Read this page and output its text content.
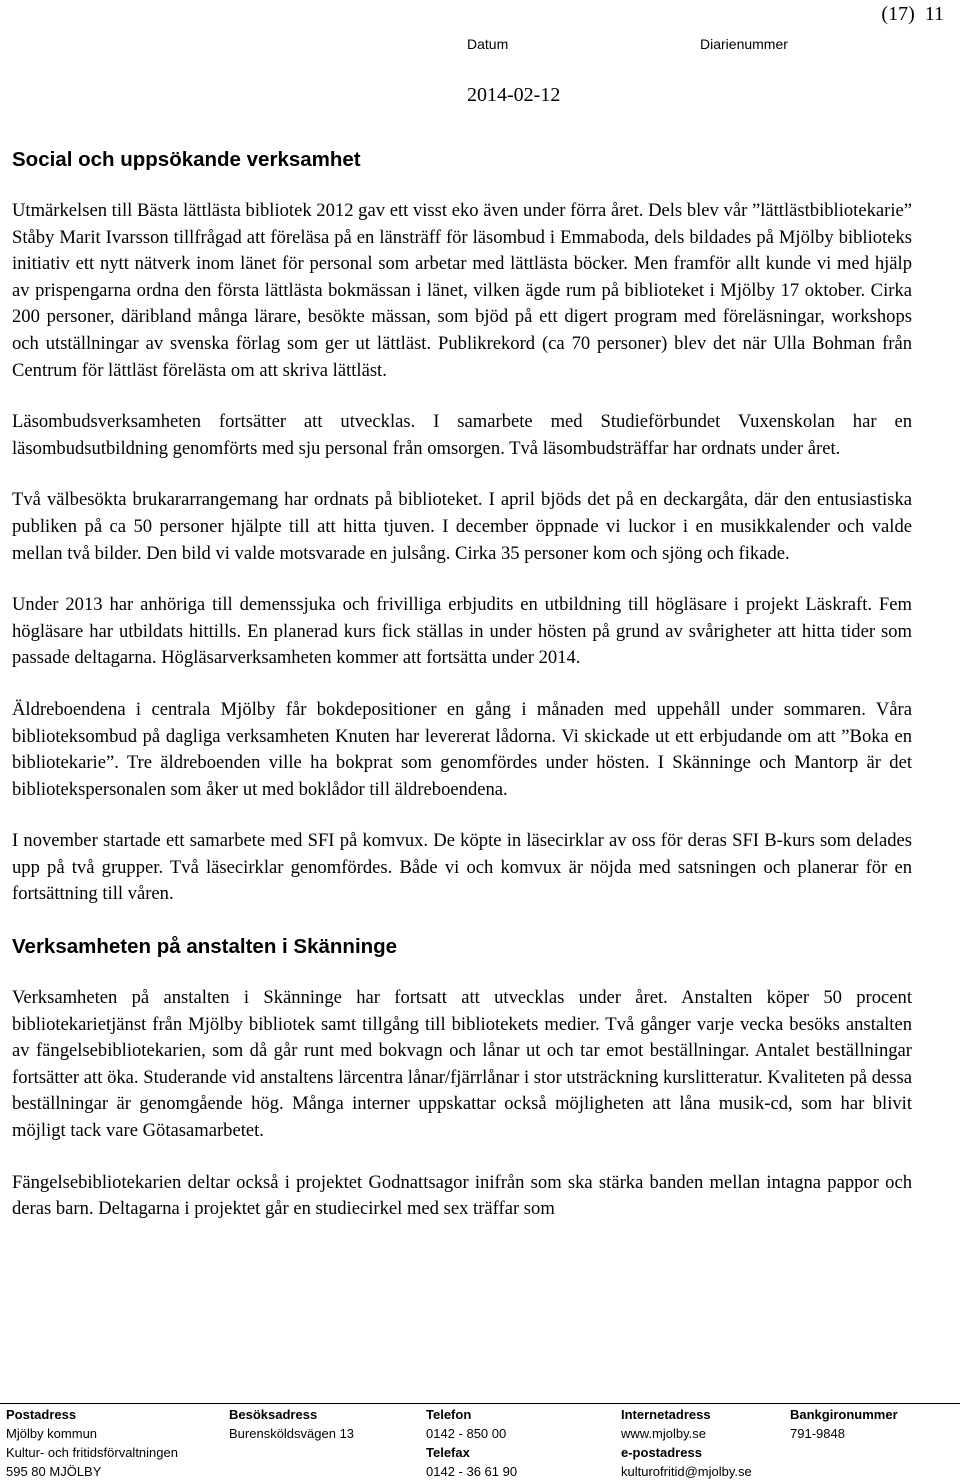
(17) 11
Datum
2014-02-12
Diarienummer
Social och uppsökande verksamhet

Utmärkelsen till Bästa lättlästa bibliotek 2012 gav ett visst eko även under förra året. Dels blev vår ”lättlästbibliotekarie” Ståby Marit Ivarsson tillfrågad att föreläsa på en länsträff för läsombud i Emmaboda, dels bildades på Mjölby biblioteks initiativ ett nytt nätverk inom länet för personal som arbetar med lättlästa böcker. Men framför allt kunde vi med hjälp av prispengarna ordna den första lättlästa bokmässan i länet, vilken ägde rum på biblioteket i Mjölby 17 oktober. Cirka 200 personer, däribland många lärare, besökte mässan, som bjöd på ett digert program med föreläsningar, workshops och utställningar av svenska förlag som ger ut lättläst. Publikrekord (ca 70 personer) blev det när Ulla Bohman från Centrum för lättläst förelästa om att skriva lättläst.

Läsombudsverksamheten fortsätter att utvecklas. I samarbete med Studieförbundet Vuxenskolan har en läsombudsutbildning genomförts med sju personal från omsorgen. Två läsombudsträffar har ordnats under året.

Två välbesökta brukararrangemang har ordnats på biblioteket. I april bjöds det på en deckargåta, där den entusiastiska publiken på ca 50 personer hjälpte till att hitta tjuven. I december öppnade vi luckor i en musikkalender och valde mellan två bilder. Den bild vi valde motsvarade en julsång. Cirka 35 personer kom och sjöng och fikade.

Under 2013 har anhöriga till demenssjuka och frivilliga erbjudits en utbildning till högläsare i projekt Läskraft. Fem högläsare har utbildats hittills. En planerad kurs fick ställas in under hösten på grund av svårigheter att hitta tider som passade deltagarna. Högläsarverksamheten kommer att fortsätta under 2014.

Äldreboendena i centrala Mjölby får bokdepositioner en gång i månaden med uppehåll under sommaren. Våra biblioteksombud på dagliga verksamheten Knuten har levererat lådorna. Vi skickade ut ett erbjudande om att ”Boka en bibliotekarie”. Tre äldreboenden ville ha bokprat som genomfördes under hösten. I Skänninge och Mantorp är det bibliotekspersonalen som åker ut med boklådor till äldreboendena.

I november startade ett samarbete med SFI på komvux. De köpte in läsecirklar av oss för deras SFI B-kurs som delades upp på två grupper. Två läsecirklar genomfördes. Både vi och komvux är nöjda med satsningen och planerar för en fortsättning till våren.

Verksamheten på anstalten i Skänninge

Verksamheten på anstalten i Skänninge har fortsatt att utvecklas under året. Anstalten köper 50 procent bibliotekarietjänst från Mjölby bibliotek samt tillgång till bibliotekets medier. Två gånger varje vecka besöks anstalten av fängelsebibliotekarien, som då går runt med bokvagn och lånar ut och tar emot beställningar. Antalet beställningar fortsätter att öka. Studerande vid anstaltens lärcentra lånar/fjärrlånar i stor utsträckning kurslitteratur. Kvaliteten på dessa beställningar är genomgående hög. Många interner uppskattar också möjligheten att låna musik-cd, som har blivit möjligt tack vare Götasamarbetet.

Fängelsebibliotekarien deltar också i projektet Godnattsagor inifrån som ska stärka banden mellan intagna pappor och deras barn. Deltagarna i projektet går en studiecirkel med sex träffar som

Postadress
Mjölby kommun
Kultur- och fritidsförvaltningen
595 80 MJÖLBY
Besöksadress
Burensköldsvägen 13
Telefon
0142 - 850 00
Telefax
0142 - 36 61 90
Internetadress
www.mjolby.se
e-postadress
kulturofritid@mjolby.se
Bankgironummer
791-9848
